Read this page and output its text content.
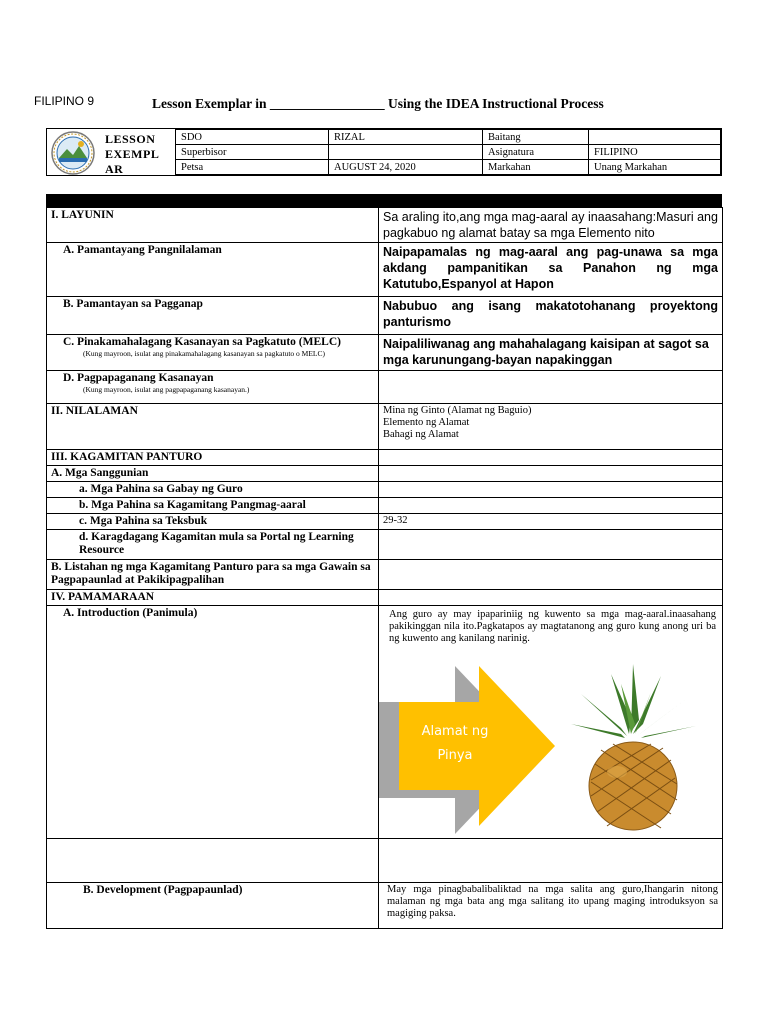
FILIPINO 9	Lesson Exemplar in _________________ Using the IDEA Instructional Process
LESSON
EXEMPL
AR
SDO	RIZAL	Baitang	
Superbisor		Asignatura	FILIPINO
Petsa	AUGUST 24, 2020	Markahan	Unang Markahan
I. LAYUNIN	Sa araling ito,ang mga mag-aaral ay inaasahang:Masuri ang pagkabuo ng alamat batay sa mga Elemento nito
A. Pamantayang Pangnilalaman	Naipapamalas ng mag-aaral ang pag-unawa sa mga akdang pampanitikan sa Panahon ng mga Katutubo,Espanyol at Hapon
B. Pamantayan sa Pagganap	Nabubuo ang isang makatotohanang proyektong panturismo

C. Pinakamahalagang Kasanayan sa Pagkatuto (MELC)
(Kung mayroon, isulat ang pinakamahalagang kasanayan sa pagkatuto o MELC)	Naipaliliwanag ang mahahalagang kaisipan at sagot sa mga karunungang-bayan napakinggan

D. Pagpapaganang Kasanayan
(Kung mayroon, isulat ang pagpapaganang kasanayan.)	

II. NILALAMAN	Mina ng Ginto (Alamat ng Baguio)
Elemento ng Alamat
Bahagi ng Alamat

III. KAGAMITAN PANTURO	
A. Mga Sanggunian	
a. Mga Pahina sa Gabay ng Guro	
b. Mga Pahina sa Kagamitang Pangmag-aaral	
c. Mga Pahina sa Teksbuk	29-32
d. Karagdagang Kagamitan mula sa Portal ng Learning Resource	
B. Listahan ng mga Kagamitang Panturo para sa mga Gawain sa Pagpapaunlad at Pakikipagpalihan	
IV. PAMAMARAAN	
A. Introduction (Panimula)	Ang guro ay may ipapariniig ng kuwento sa mga mag-aaral.inaasahang pakikinggan nila ito.Pagkatapos ay magtatanong ang guro kung anong uri ba ng kuwento ang kanilang narinig.
Alamat ng Pinya

B. Development (Pagpapaunlad)	May mga pinagbabalibaliktad na mga salita ang guro,Ihangarin nitong malaman ng mga bata ang mga salitang ito upang maging introduksyon sa magiging paksa.
